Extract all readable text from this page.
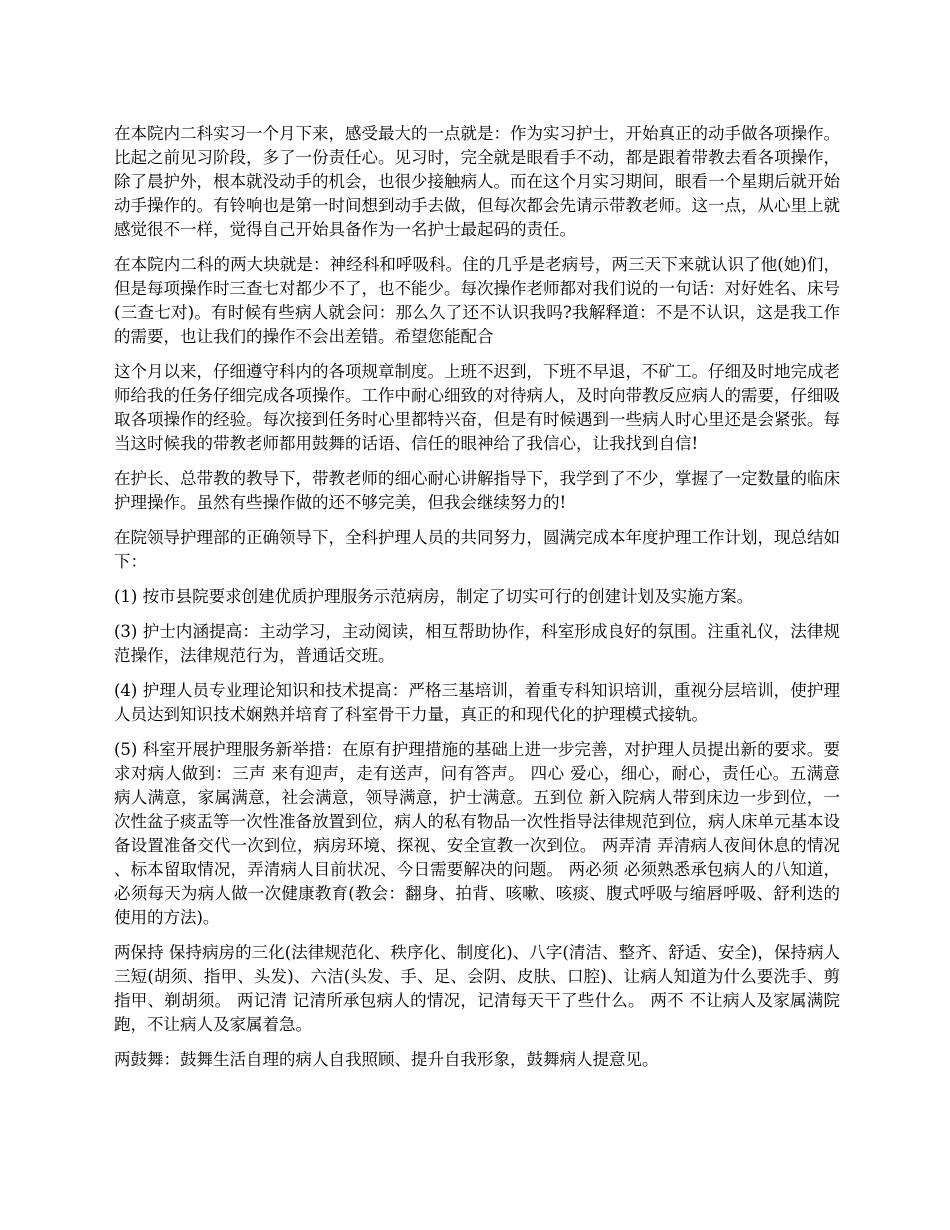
在本院内二科实习一个月下来，感受最大的一点就是：作为实习护士，开始真正的动手做各项操作。比起之前见习阶段，多了一份责任心。见习时，完全就是眼看手不动，都是跟着带教去看各项操作，除了晨护外，根本就没动手的机会，也很少接触病人。而在这个月实习期间，眼看一个星期后就开始动手操作的。有铃响也是第一时间想到动手去做，但每次都会先请示带教老师。这一点，从心里上就感觉很不一样，觉得自己开始具备作为一名护士最起码的责任。

在本院内二科的两大块就是：神经科和呼吸科。住的几乎是老病号，两三天下来就认识了他(她)们，但是每项操作时三查七对都少不了，也不能少。每次操作老师都对我们说的一句话：对好姓名、床号(三查七对)。有时候有些病人就会问：那么久了还不认识我吗?我解释道：不是不认识，这是我工作的需要，也让我们的操作不会出差错。希望您能配合

这个月以来，仔细遵守科内的各项规章制度。上班不迟到，下班不早退，不矿工。仔细及时地完成老师给我的任务仔细完成各项操作。工作中耐心细致的对待病人，及时向带教反应病人的需要，仔细吸取各项操作的经验。每次接到任务时心里都特兴奋，但是有时候遇到一些病人时心里还是会紧张。每当这时候我的带教老师都用鼓舞的话语、信任的眼神给了我信心，让我找到自信!

在护长、总带教的教导下，带教老师的细心耐心讲解指导下，我学到了不少，掌握了一定数量的临床护理操作。虽然有些操作做的还不够完美，但我会继续努力的!

在院领导护理部的正确领导下，全科护理人员的共同努力，圆满完成本年度护理工作计划，现总结如下：

(1) 按市县院要求创建优质护理服务示范病房，制定了切实可行的创建计划及实施方案。

(3) 护士内涵提高：主动学习，主动阅读，相互帮助协作，科室形成良好的氛围。注重礼仪，法律规范操作，法律规范行为，普通话交班。

(4) 护理人员专业理论知识和技术提高：严格三基培训，着重专科知识培训，重视分层培训，使护理人员达到知识技术娴熟并培育了科室骨干力量，真正的和现代化的护理模式接轨。

(5) 科室开展护理服务新举措：在原有护理措施的基础上进一步完善，对护理人员提出新的要求。要求对病人做到：三声 来有迎声，走有送声，问有答声。 四心 爱心，细心，耐心，责任心。五满意 病人满意，家属满意，社会满意，领导满意，护士满意。五到位 新入院病人带到床边一步到位，一次性盆子痰盂等一次性准备放置到位，病人的私有物品一次性指导法律规范到位，病人床单元基本设备设置准备交代一次到位，病房环境、探视、安全宣教一次到位。 两弄清 弄清病人夜间休息的情况、标本留取情况，弄清病人目前状况、今日需要解决的问题。 两必须 必须熟悉承包病人的八知道，必须每天为病人做一次健康教育(教会：翻身、拍背、咳嗽、咳痰、腹式呼吸与缩唇呼吸、舒利迭的使用的方法)。

两保持 保持病房的三化(法律规范化、秩序化、制度化)、八字(清洁、整齐、舒适、安全)，保持病人三短(胡须、指甲、头发)、六洁(头发、手、足、会阴、皮肤、口腔)、让病人知道为什么要洗手、剪指甲、剃胡须。 两记清 记清所承包病人的情况，记清每天干了些什么。 两不 不让病人及家属满院跑，不让病人及家属着急。

两鼓舞：鼓舞生活自理的病人自我照顾、提升自我形象，鼓舞病人提意见。
